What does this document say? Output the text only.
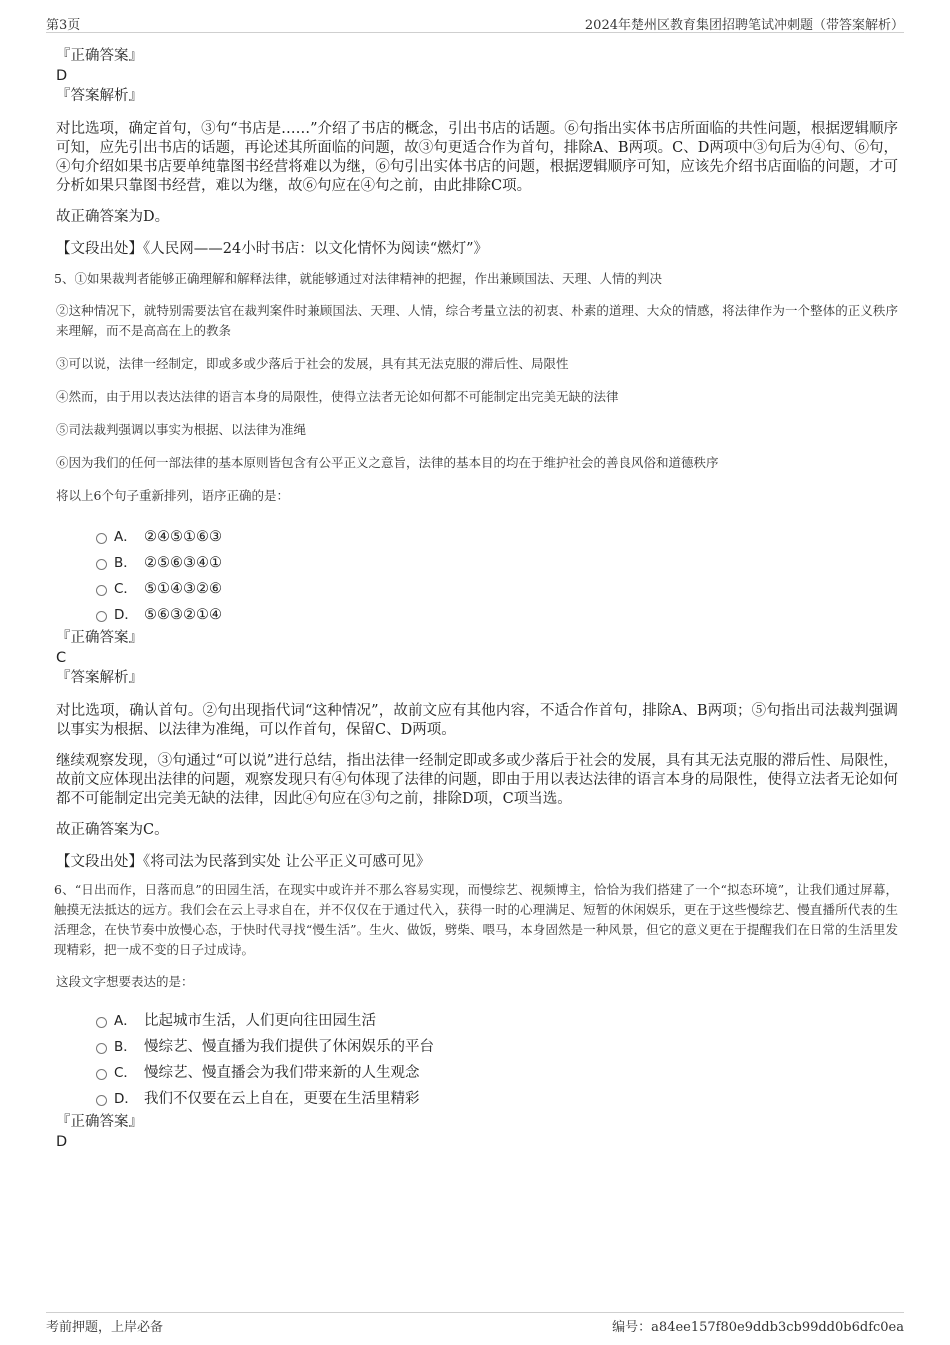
第3页	2024年楚州区教育集团招聘笔试冲刺题（带答案解析）

『正确答案』

D

『答案解析』

对比选项，确定首句，③句“书店是……”介绍了书店的概念，引出书店的话题。⑥句指出实体书店所面临的共性问题，根据逻辑顺序可知，应先引出书店的话题，再论述其所面临的问题，故③句更适合作为首句，排除A、B两项。C、D两项中③句后为④句、⑥句，④句介绍如果书店要单纯靠图书经营将难以为继，⑥句引出实体书店的问题，根据逻辑顺序可知，应该先介绍书店面临的问题，才可分析如果只靠图书经营，难以为继，故⑥句应在④句之前，由此排除C项。

故正确答案为D。

【文段出处】《人民网——24小时书店：以文化情怀为阅读“燃灯”》

5、①如果裁判者能够正确理解和解释法律，就能够通过对法律精神的把握，作出兼顾国法、天理、人情的判决

②这种情况下，就特别需要法官在裁判案件时兼顾国法、天理、人情，综合考量立法的初衷、朴素的道理、大众的情感，将法律作为一个整体的正义秩序来理解，而不是高高在上的教条

③可以说，法律一经制定，即或多或少落后于社会的发展，具有其无法克服的滞后性、局限性

④然而，由于用以表达法律的语言本身的局限性，使得立法者无论如何都不可能制定出完美无缺的法律

⑤司法裁判强调以事实为根据、以法律为准绳

⑥因为我们的任何一部法律的基本原则皆包含有公平正义之意旨，法律的基本目的均在于维护社会的善良风俗和道德秩序

将以上6个句子重新排列，语序正确的是：

A． ②④⑤①⑥③
B． ②⑤⑥③④①
C． ⑤①④③②⑥
D． ⑤⑥③②①④

『正确答案』

C

『答案解析』

对比选项，确认首句。②句出现指代词“这种情况”，故前文应有其他内容，不适合作首句，排除A、B两项；⑤句指出司法裁判强调以事实为根据、以法律为准绳，可以作首句，保留C、D两项。

继续观察发现，③句通过“可以说”进行总结，指出法律一经制定即或多或少落后于社会的发展，具有其无法克服的滞后性、局限性，故前文应体现出法律的问题，观察发现只有④句体现了法律的问题，即由于用以表达法律的语言本身的局限性，使得立法者无论如何都不可能制定出完美无缺的法律，因此④句应在③句之前，排除D项，C项当选。

故正确答案为C。

【文段出处】《将司法为民落到实处 让公平正义可感可见》

6、“日出而作，日落而息”的田园生活，在现实中或许并不那么容易实现，而慢综艺、视频博主，恰恰为我们搭建了一个“拟态环境”，让我们通过屏幕，触摸无法抵达的远方。我们会在云上寻求自在，并不仅仅在于通过代入，获得一时的心理满足、短暂的休闲娱乐，更在于这些慢综艺、慢直播所代表的生活理念，在快节奏中放慢心态，于快时代寻找“慢生活”。生火、做饭，劈柴、喂马，本身固然是一种风景，但它的意义更在于提醒我们在日常的生活里发现精彩，把一成不变的日子过成诗。

这段文字想要表达的是：

A． 比起城市生活，人们更向往田园生活
B． 慢综艺、慢直播为我们提供了休闲娱乐的平台
C． 慢综艺、慢直播会为我们带来新的人生观念
D． 我们不仅要在云上自在，更要在生活里精彩

『正确答案』

D

考前押题，上岸必备	编号：a84ee157f80e9ddb3cb99dd0b6dfc0ea
